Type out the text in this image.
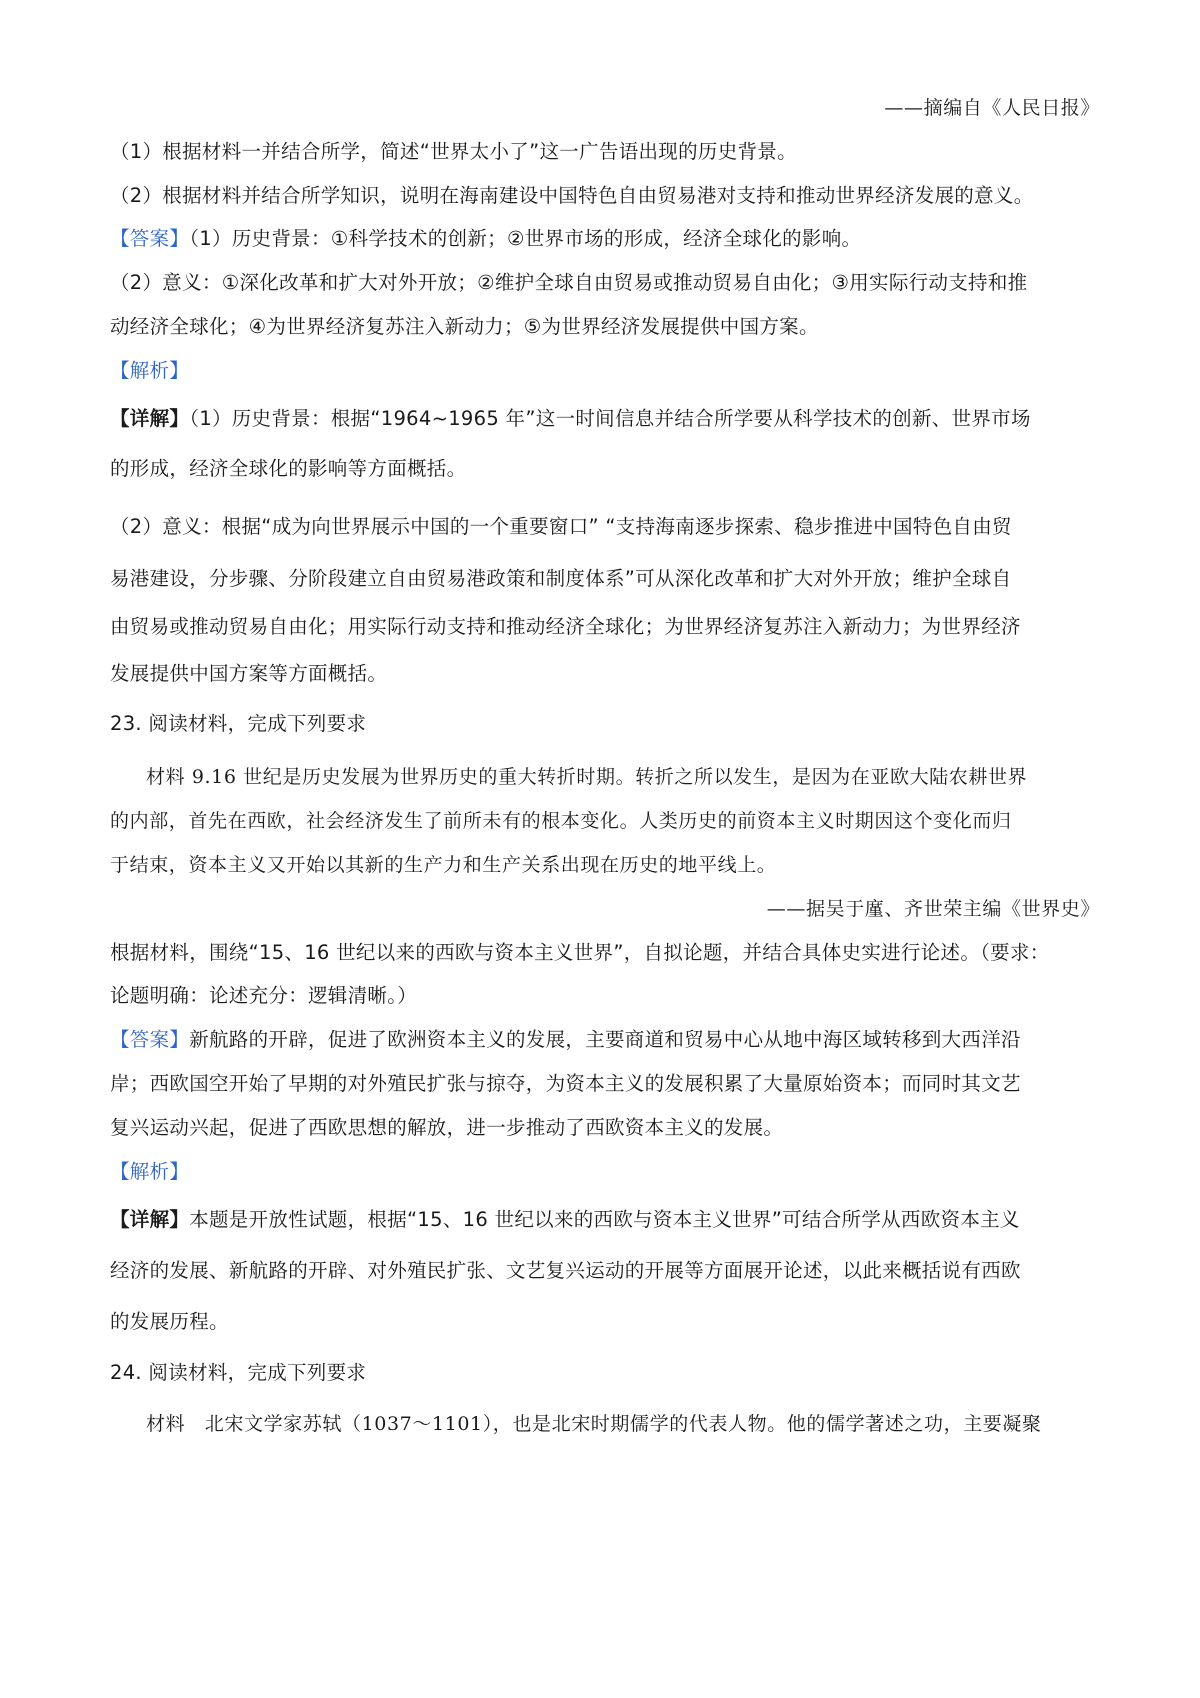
——摘编自《人民日报》
（1）根据材料一并结合所学，简述“世界太小了”这一广告语出现的历史背景。
（2）根据材料并结合所学知识，说明在海南建设中国特色自由贸易港对支持和推动世界经济发展的意义。
【答案】（1）历史背景：①科学技术的创新；②世界市场的形成，经济全球化的影响。
（2）意义：①深化改革和扩大对外开放；②维护全球自由贸易或推动贸易自由化；③用实际行动支持和推
动经济全球化；④为世界经济复苏注入新动力；⑤为世界经济发展提供中国方案。
【解析】
【详解】（1）历史背景：根据“1964~1965 年”这一时间信息并结合所学要从科学技术的创新、世界市场
的形成，经济全球化的影响等方面概括。
（2）意义：根据“成为向世界展示中国的一个重要窗口” “支持海南逐步探索、稳步推进中国特色自由贸
易港建设，分步骤、分阶段建立自由贸易港政策和制度体系”可从深化改革和扩大对外开放；维护全球自
由贸易或推动贸易自由化；用实际行动支持和推动经济全球化；为世界经济复苏注入新动力；为世界经济
发展提供中国方案等方面概括。
23. 阅读材料，完成下列要求
材料 9.16 世纪是历史发展为世界历史的重大转折时期。转折之所以发生，是因为在亚欧大陆农耕世界
的内部，首先在西欧，社会经济发生了前所未有的根本变化。人类历史的前资本主义时期因这个变化而归
于结束，资本主义又开始以其新的生产力和生产关系出现在历史的地平线上。
——据吴于廑、齐世荣主编《世界史》
根据材料，围绕“15、16 世纪以来的西欧与资本主义世界”，自拟论题，并结合具体史实进行论述。（要求：
论题明确：论述充分：逻辑清晰。）
【答案】新航路的开辟，促进了欧洲资本主义的发展，主要商道和贸易中心从地中海区域转移到大西洋沿
岸；西欧国空开始了早期的对外殖民扩张与掠夺，为资本主义的发展积累了大量原始资本；而同时其文艺
复兴运动兴起，促进了西欧思想的解放，进一步推动了西欧资本主义的发展。
【解析】
【详解】本题是开放性试题，根据“15、16 世纪以来的西欧与资本主义世界”可结合所学从西欧资本主义
经济的发展、新航路的开辟、对外殖民扩张、文艺复兴运动的开展等方面展开论述，以此来概括说有西欧
的发展历程。
24. 阅读材料，完成下列要求
材料　北宋文学家苏轼（1037～1101），也是北宋时期儒学的代表人物。他的儒学著述之功，主要凝聚
